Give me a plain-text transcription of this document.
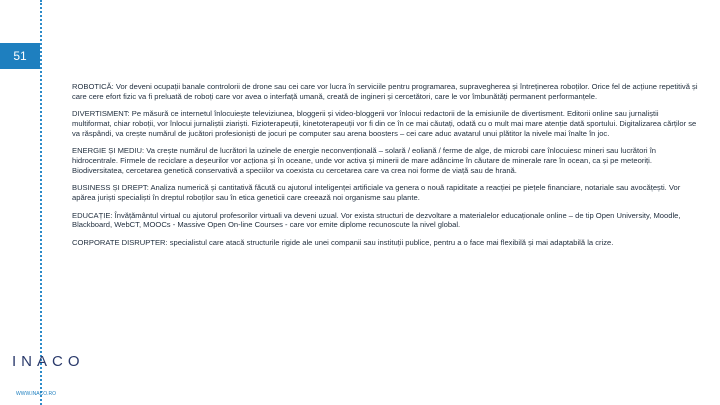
51

ROBOTICĂ: Vor deveni ocupații banale controlorii de drone sau cei care vor lucra în serviciile pentru programarea, supravegherea și întreținerea roboților. Orice fel de acțiune repetitivă și care cere efort fizic va fi preluată de roboți care vor avea o interfață umană, creată de ingineri și cercetători, care le vor îmbunătăți permanent performanțele.

DIVERTISMENT: Pe măsură ce internetul înlocuiește televiziunea, bloggerii și video-bloggerii vor înlocui redactorii de la emisiunile de divertisment. Editorii online sau jurnaliștii multiformat, chiar roboții, vor înlocui jurnaliștii ziariști. Fizioterapeuții, kinetoterapeuții vor fi din ce în ce mai căutați, odată cu o mult mai mare atenție dată sportului. Digitalizarea cărților se va răspândi, va crește numărul de jucători profesioniști de jocuri pe computer sau arena boosters – cei care aduc avatarul unui plătitor la nivele mai înalte în joc.

ENERGIE ȘI MEDIU: Va crește numărul de lucrători la uzinele de energie neconvențională – solară / eoliană / ferme de alge, de microbi care înlocuiesc mineri sau lucrători în hidrocentrale. Firmele de reciclare a deșeurilor vor acționa și în oceane, unde vor activa și minerii de mare adâncime în căutare de minerale rare în ocean, ca și pe meteoriți. Biodiversitatea, cercetarea genetică conservativă a speciilor va coexista cu cercetarea care va crea noi forme de viață sau de hrană.

BUSINESS ȘI DREPT: Analiza numerică și cantitativă făcută cu ajutorul inteligenței artificiale va genera o nouă rapiditate a reacției pe piețele financiare, notariale sau avocățești. Vor apărea juriști specialiști în dreptul roboților sau în etica geneticii care creează noi organisme sau plante.

EDUCAȚIE: Învățământul virtual cu ajutorul profesorilor virtuali va deveni uzual. Vor exista structuri de dezvoltare a materialelor educaționale online – de tip Open University, Moodle, Blackboard, WebCT, MOOCs - Massive Open On-line Courses - care vor emite diplome recunoscute la nivel global.

CORPORATE DISRUPTER: specialistul care atacă structurile rigide ale unei companii sau instituții publice, pentru a o face mai flexibilă și mai adaptabilă la crize.

INACO
WWW.INACO.RO
